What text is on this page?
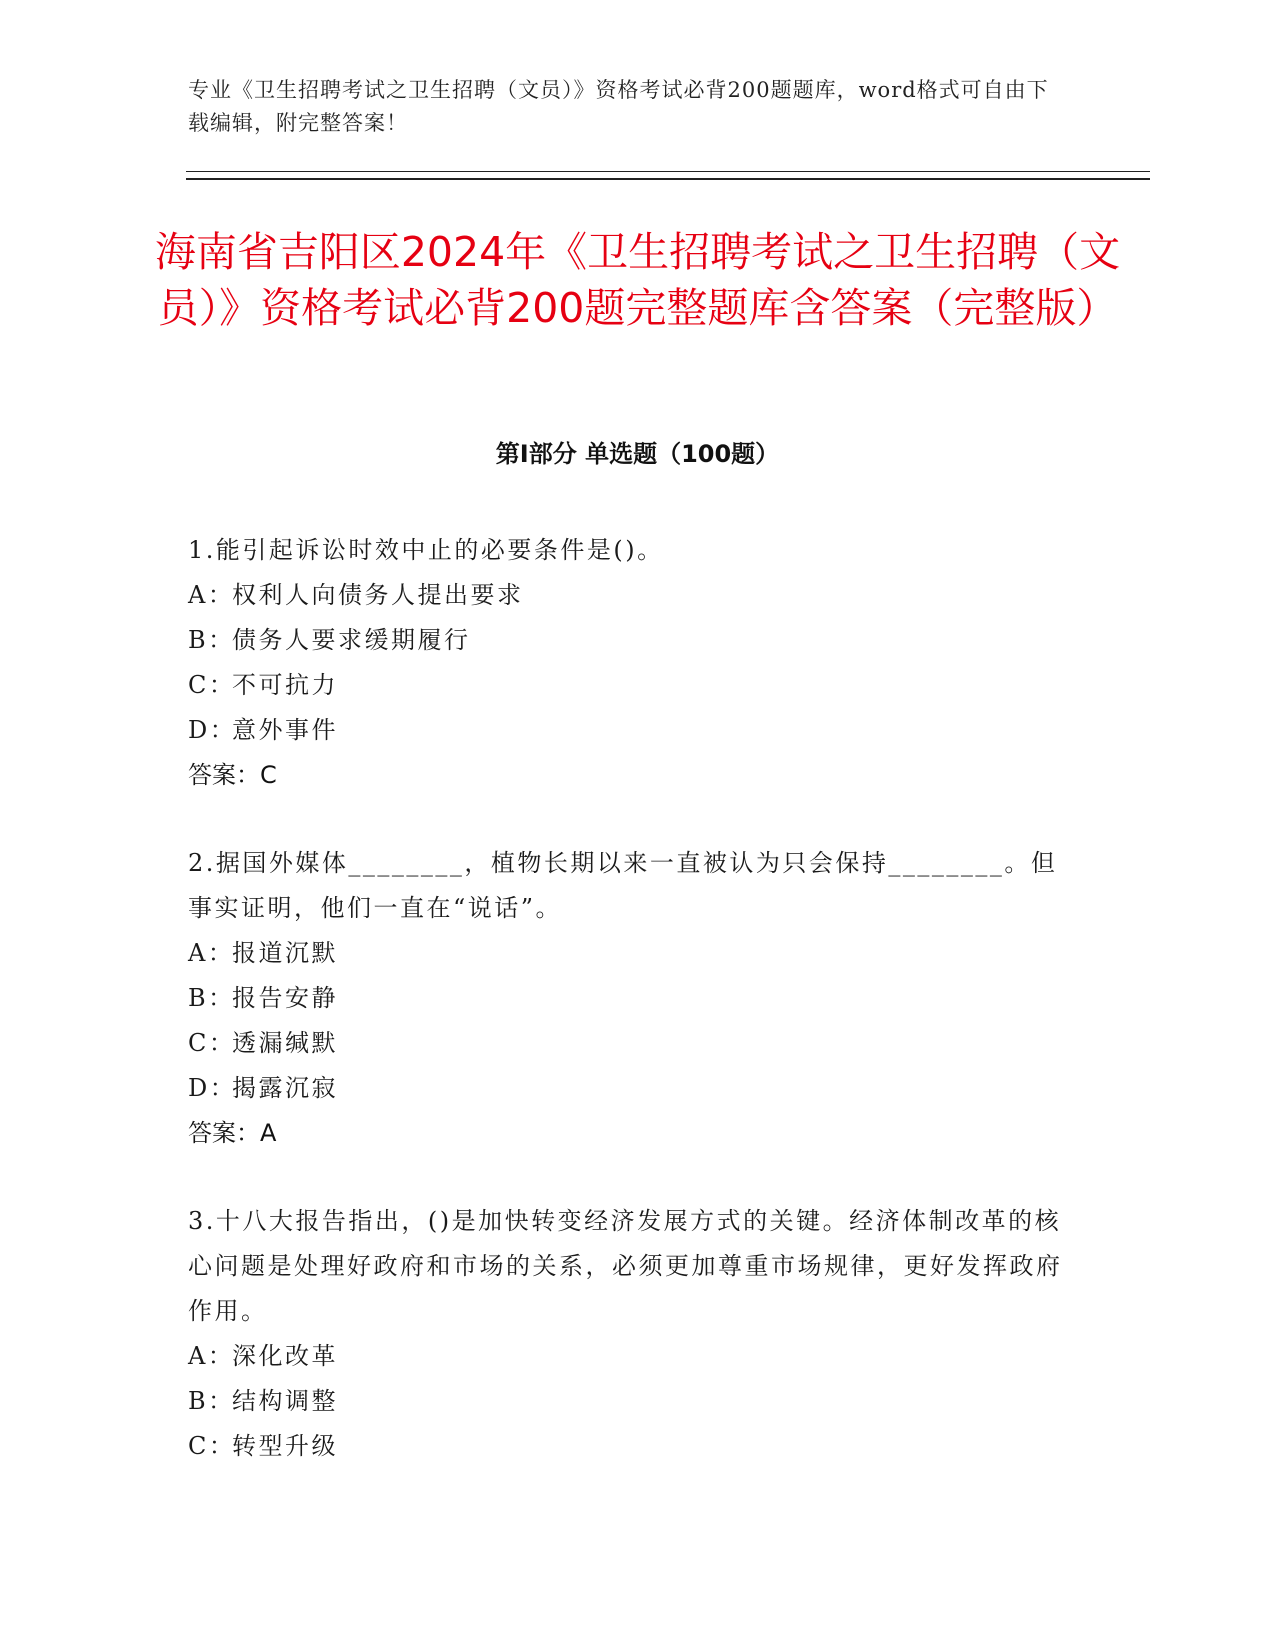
专业《卫生招聘考试之卫生招聘（文员）》资格考试必背200题题库，word格式可自由下载编辑，附完整答案！
海南省吉阳区2024年《卫生招聘考试之卫生招聘（文员）》资格考试必背200题完整题库含答案（完整版）
第Ⅰ部分 单选题（100题）

1.能引起诉讼时效中止的必要条件是()。

A：权利人向债务人提出要求

B：债务人要求缓期履行

C：不可抗力

D：意外事件

答案：C

2.据国外媒体________，植物长期以来一直被认为只会保持________。但事实证明，他们一直在“说话”。

A：报道沉默

B：报告安静

C：透漏缄默

D：揭露沉寂

答案：A

3.十八大报告指出，()是加快转变经济发展方式的关键。经济体制改革的核心问题是处理好政府和市场的关系，必须更加尊重市场规律，更好发挥政府作用。

A：深化改革

B：结构调整

C：转型升级
